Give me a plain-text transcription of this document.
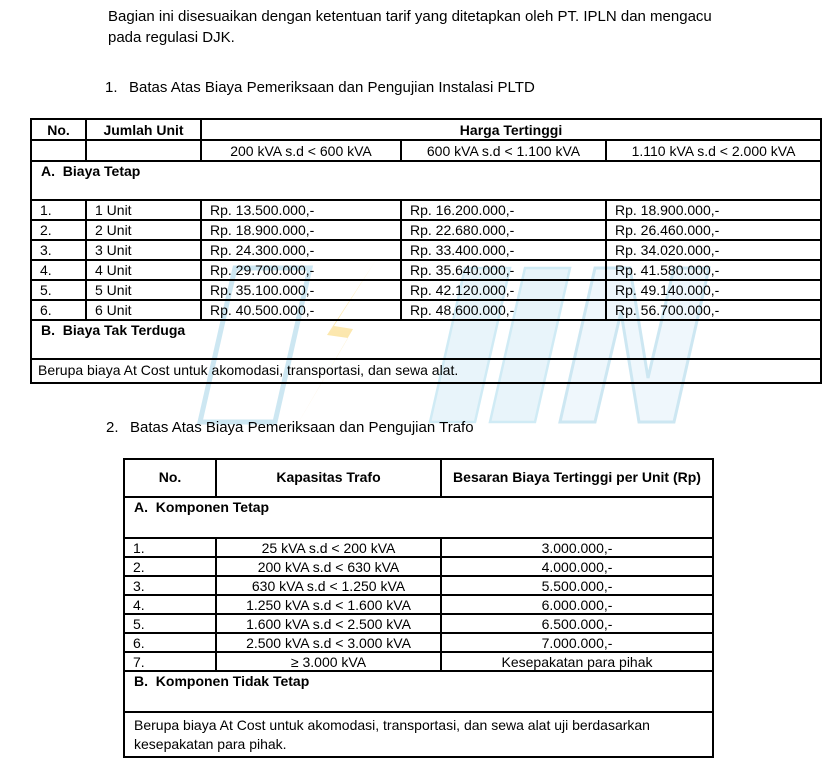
Bagian ini disesuaikan dengan ketentuan tarif yang ditetapkan oleh PT. IPLN dan mengacu pada regulasi DJK.

1. Batas Atas Biaya Pemeriksaan dan Pengujian Instalasi PLTD
No.	Jumlah Unit	Harga Tertinggi		
		200 kVA s.d < 600 kVA	600 kVA s.d < 1.100 kVA	1.110 kVA s.d < 2.000 kVA
A.  Biaya Tetap				
1.	1 Unit	Rp. 13.500.000,-	Rp. 16.200.000,-	Rp. 18.900.000,-
2.	2 Unit	Rp. 18.900.000,-	Rp. 22.680.000,-	Rp. 26.460.000,-
3.	3 Unit	Rp. 24.300.000,-	Rp. 33.400.000,-	Rp. 34.020.000,-
4.	4 Unit	Rp. 29.700.000,-	Rp. 35.640.000,-	Rp. 41.580.000,-
5.	5 Unit	Rp. 35.100.000,-	Rp. 42.120.000,-	Rp. 49.140.000,-
6.	6 Unit	Rp. 40.500.000,-	Rp. 48.600.000,-	Rp. 56.700.000,-
B.  Biaya Tak Terduga				
Berupa biaya At Cost untuk akomodasi, transportasi, dan sewa alat.				
2. Batas Atas Biaya Pemeriksaan dan Pengujian Trafo
No.	Kapasitas Trafo	Besaran Biaya Tertinggi per Unit (Rp)
A.  Komponen Tetap		
1.	25 kVA s.d < 200 kVA	3.000.000,-
2.	200 kVA s.d < 630 kVA	4.000.000,-
3.	630 kVA s.d < 1.250 kVA	5.500.000,-
4.	1.250 kVA s.d < 1.600 kVA	6.000.000,-
5.	1.600 kVA s.d < 2.500 kVA	6.500.000,-
6.	2.500 kVA s.d < 3.000 kVA	7.000.000,-
7.	≥ 3.000 kVA	Kesepakatan para pihak
B.  Komponen Tidak Tetap		
Berupa biaya At Cost untuk akomodasi, transportasi, dan sewa alat uji berdasarkan kesepakatan para pihak.		
